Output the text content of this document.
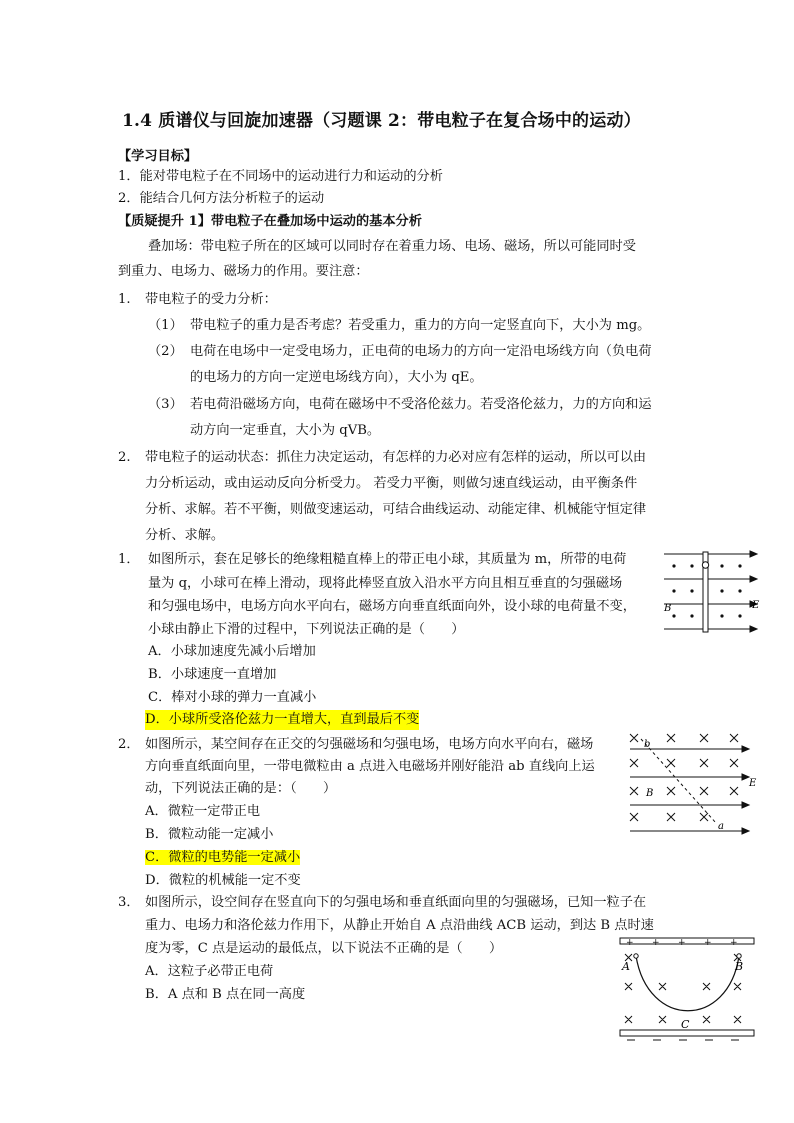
1.4 质谱仪与回旋加速器（习题课 2：带电粒子在复合场中的运动）
【学习目标】
1．能对带电粒子在不同场中的运动进行力和运动的分析
2．能结合几何方法分析粒子的运动
【质疑提升 1】带电粒子在叠加场中运动的基本分析
叠加场：带电粒子所在的区域可以同时存在着重力场、电场、磁场，所以可能同时受
到重力、电场力、磁场力的作用。要注意：
1. 带电粒子的受力分析：
（1） 带电粒子的重力是否考虑？若受重力，重力的方向一定竖直向下，大小为 mg。
（2） 电荷在电场中一定受电场力，正电荷的电场力的方向一定沿电场线方向（负电荷
的电场力的方向一定逆电场线方向），大小为 qE。
（3） 若电荷沿磁场方向，电荷在磁场中不受洛伦兹力。若受洛伦兹力，力的方向和运
动方向一定垂直，大小为 qVB。
2. 带电粒子的运动状态：抓住力决定运动，有怎样的力必对应有怎样的运动，所以可以由
力分析运动，或由运动反向分析受力。 若受力平衡，则做匀速直线运动，由平衡条件
分析、求解。若不平衡，则做变速运动，可结合曲线运动、动能定律、机械能守恒定律
分析、求解。
1． 如图所示，套在足够长的绝缘粗糙直棒上的带正电小球，其质量为 m，所带的电荷
量为 q，小球可在棒上滑动，现将此棒竖直放入沿水平方向且相互垂直的匀强磁场
和匀强电场中，电场方向水平向右，磁场方向垂直纸面向外，设小球的电荷量不变，
小球由静止下滑的过程中，下列说法正确的是（　　）
A．小球加速度先减小后增加
B．小球速度一直增加
C．棒对小球的弹力一直减小
D．小球所受洛伦兹力一直增大，直到最后不变
B	E
2． 如图所示，某空间存在正交的匀强磁场和匀强电场，电场方向水平向右，磁场
方向垂直纸面向里，一带电微粒由 a 点进入电磁场并刚好能沿 ab 直线向上运
动，下列说法正确的是：（　　）
A．微粒一定带正电
B．微粒动能一定减小
C．微粒的电势能一定减小
D．微粒的机械能一定不变
b
a
B
E
3． 如图所示，设空间存在竖直向下的匀强电场和垂直纸面向里的匀强磁场，已知一粒子在
重力、电场力和洛伦兹力作用下，从静止开始自 A 点沿曲线 ACB 运动，到达 B 点时速
度为零，C 点是运动的最低点，以下说法不正确的是（　　）
A．这粒子必带正电荷
B．A 点和 B 点在同一高度
+ + + + +
A	B
C
